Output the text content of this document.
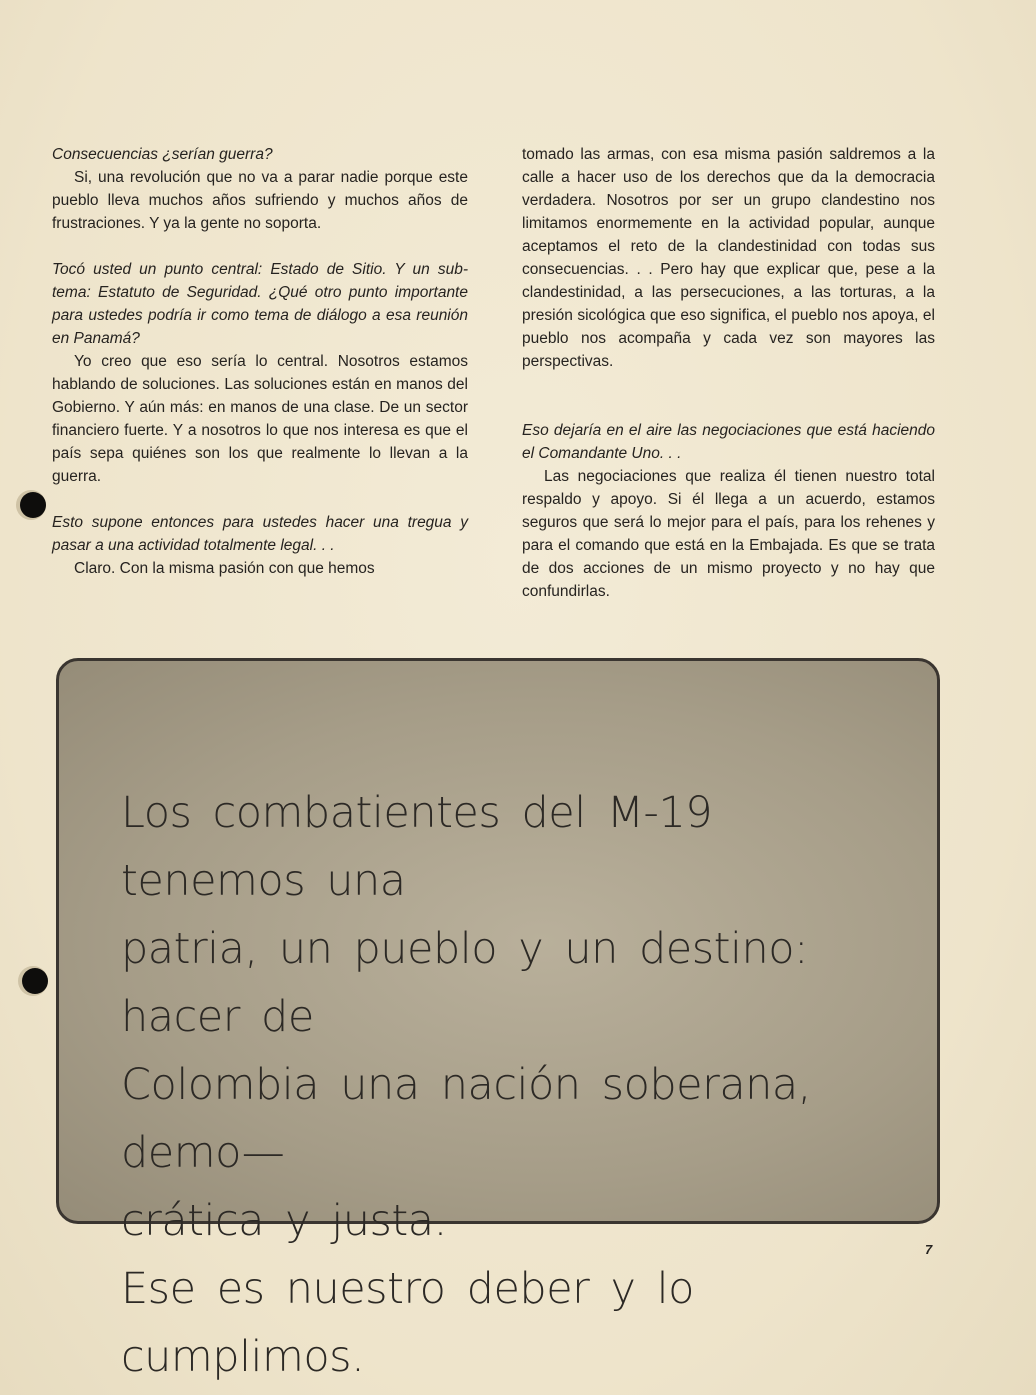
Consecuencias ¿serían guerra?

Si, una revolución que no va a parar nadie porque este pueblo lleva muchos años sufriendo y muchos años de frustraciones. Y ya la gente no soporta.

Tocó usted un punto central: Estado de Sitio. Y un sub-tema: Estatuto de Seguridad. ¿Qué otro punto importante para ustedes podría ir como tema de diálogo a esa reunión en Panamá?

Yo creo que eso sería lo central. Nosotros estamos hablando de soluciones. Las soluciones están en manos del Gobierno. Y aún más: en manos de una clase. De un sector financiero fuerte. Y a nosotros lo que nos interesa es que el país sepa quiénes son los que realmente lo llevan a la guerra.

Esto supone entonces para ustedes hacer una tregua y pasar a una actividad totalmente legal. . .

Claro. Con la misma pasión con que hemos

tomado las armas, con esa misma pasión saldremos a la calle a hacer uso de los derechos que da la democracia verdadera. Nosotros por ser un grupo clandestino nos limitamos enormemente en la actividad popular, aunque aceptamos el reto de la clandestinidad con todas sus consecuencias. . . Pero hay que explicar que, pese a la clandestinidad, a las persecuciones, a las torturas, a la presión sicológica que eso significa, el pueblo nos apoya, el pueblo nos acompaña y cada vez son mayores las perspectivas.

Eso dejaría en el aire las negociaciones que está haciendo el Comandante Uno. . .

Las negociaciones que realiza él tienen nuestro total respaldo y apoyo. Si él llega a un acuerdo, estamos seguros que será lo mejor para el país, para los rehenes y para el comando que está en la Embajada. Es que se trata de dos acciones de un mismo proyecto y no hay que confundirlas.

Los combatientes del M-19 tenemos una
patria, un pueblo y un destino: hacer de
Colombia una nación soberana, demo—
crática y justa.
Ese es nuestro deber y lo cumplimos.
7
